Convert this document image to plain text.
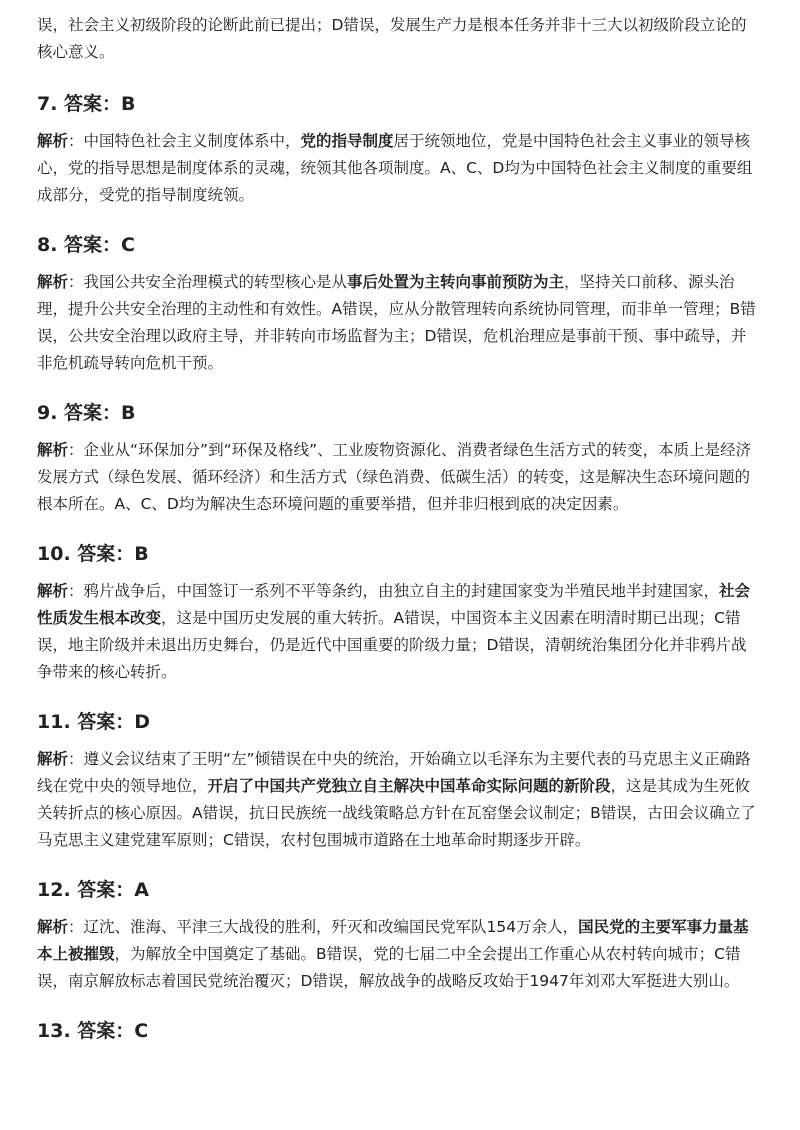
误，社会主义初级阶段的论断此前已提出；D错误，发展生产力是根本任务并非十三大以初级阶段立论的核心意义。

7. 答案：B

解析：中国特色社会主义制度体系中，党的指导制度居于统领地位，党是中国特色社会主义事业的领导核心，党的指导思想是制度体系的灵魂，统领其他各项制度。A、C、D均为中国特色社会主义制度的重要组成部分，受党的指导制度统领。

8. 答案：C

解析：我国公共安全治理模式的转型核心是从事后处置为主转向事前预防为主，坚持关口前移、源头治理，提升公共安全治理的主动性和有效性。A错误，应从分散管理转向系统协同管理，而非单一管理；B错误，公共安全治理以政府主导，并非转向市场监督为主；D错误，危机治理应是事前干预、事中疏导，并非危机疏导转向危机干预。

9. 答案：B

解析：企业从“环保加分”到“环保及格线”、工业废物资源化、消费者绿色生活方式的转变，本质上是经济发展方式（绿色发展、循环经济）和生活方式（绿色消费、低碳生活）的转变，这是解决生态环境问题的根本所在。A、C、D均为解决生态环境问题的重要举措，但并非归根到底的决定因素。

10. 答案：B

解析：鸦片战争后，中国签订一系列不平等条约，由独立自主的封建国家变为半殖民地半封建国家，社会性质发生根本改变，这是中国历史发展的重大转折。A错误，中国资本主义因素在明清时期已出现；C错误，地主阶级并未退出历史舞台，仍是近代中国重要的阶级力量；D错误，清朝统治集团分化并非鸦片战争带来的核心转折。

11. 答案：D

解析：遵义会议结束了王明“左”倾错误在中央的统治，开始确立以毛泽东为主要代表的马克思主义正确路线在党中央的领导地位，开启了中国共产党独立自主解决中国革命实际问题的新阶段，这是其成为生死攸关转折点的核心原因。A错误，抗日民族统一战线策略总方针在瓦窑堡会议制定；B错误，古田会议确立了马克思主义建党建军原则；C错误，农村包围城市道路在土地革命时期逐步开辟。

12. 答案：A

解析：辽沈、淮海、平津三大战役的胜利，歼灭和改编国民党军队154万余人，国民党的主要军事力量基本上被摧毁，为解放全中国奠定了基础。B错误，党的七届二中全会提出工作重心从农村转向城市；C错误，南京解放标志着国民党统治覆灭；D错误，解放战争的战略反攻始于1947年刘邓大军挺进大别山。

13. 答案：C
